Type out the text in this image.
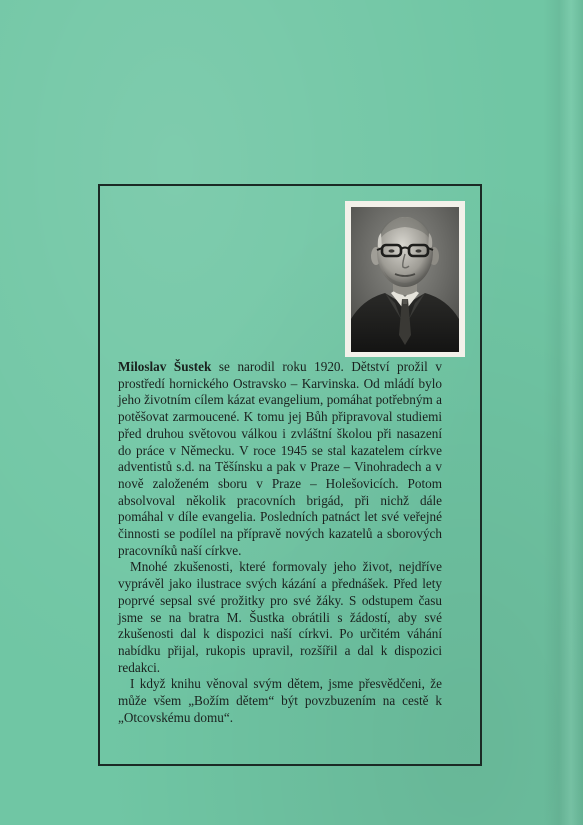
Miloslav Šustek se narodil roku 1920. Dětství prožil v prostředí hornického Ostravsko – Karvinska. Od mládí bylo jeho životním cílem kázat evangelium, pomáhat potřebným a potěšovat zarmoucené. K tomu jej Bůh připravoval studiemi před druhou světovou válkou i zvláštní školou při nasazení do práce v Německu. V roce 1945 se stal kazatelem církve adventistů s.d. na Těšínsku a pak v Praze – Vinohradech a v nově založeném sboru v Praze – Holešovicích. Potom absolvoval několik pracovních brigád, při nichž dále pomáhal v díle evangelia. Posledních patnáct let své veřejné činnosti se podílel na přípravě nových kazatelů a sborových pracovníků naší církve.

Mnohé zkušenosti, které formovaly jeho život, nejdříve vyprávěl jako ilustrace svých kázání a přednášek. Před lety poprvé sepsal své prožitky pro své žáky. S odstupem času jsme se na bratra M. Šustka obrátili s žádostí, aby své zkušenosti dal k dispozici naší církvi. Po určitém váhání nabídku přijal, rukopis upravil, rozšířil a dal k dispozici redakci.

I když knihu věnoval svým dětem, jsme přesvědčeni, že může všem „Božím dětem“ být povzbuzením na cestě k „Otcovskému domu“.
